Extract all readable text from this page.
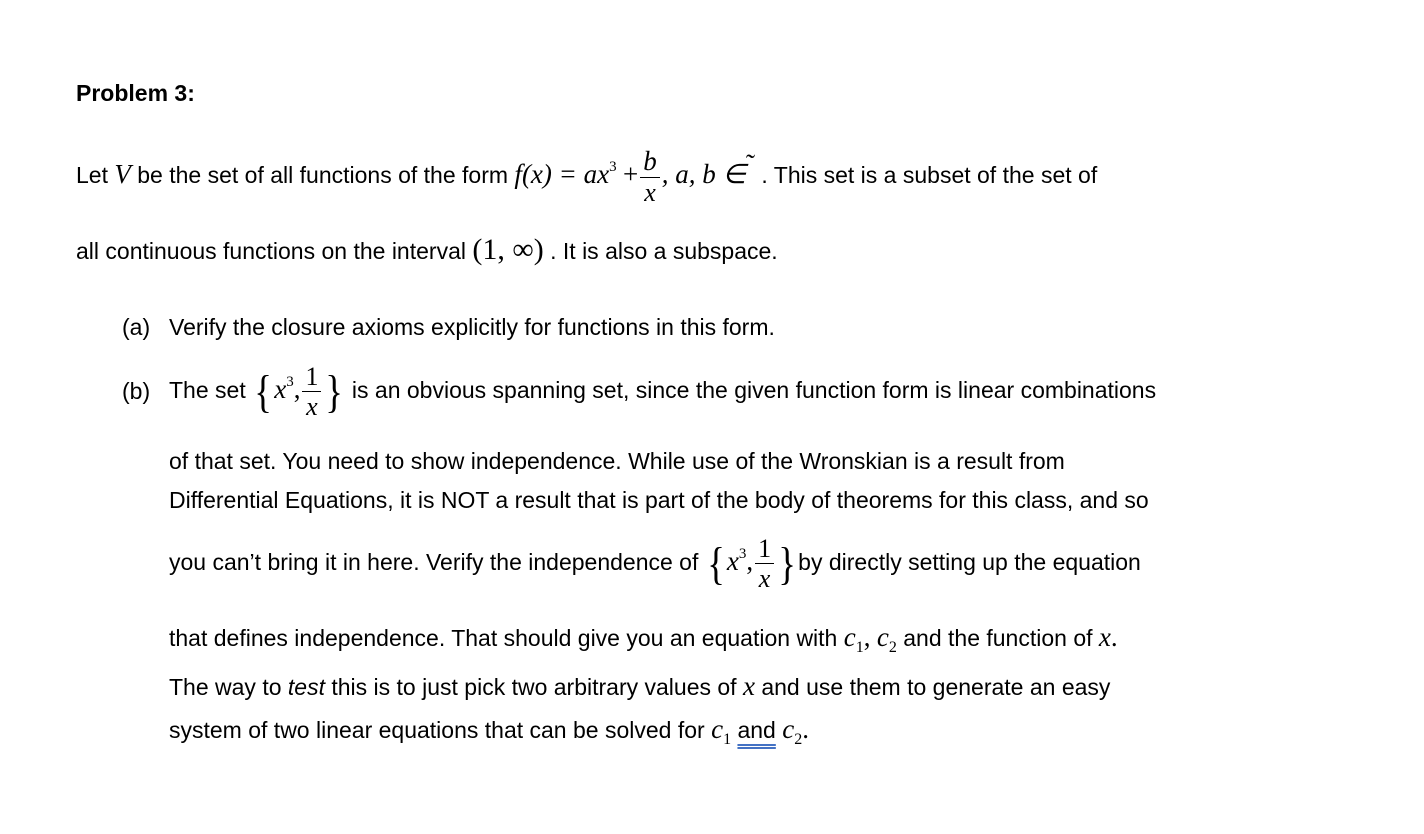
Problem 3:
Let V be the set of all functions of the form $f(x) = ax^3 + \frac{b}{x}$ , a, b ∈˜ . This set is a subset of the set of
all continuous functions on the interval (1, ∞) . It is also a subspace.
(a) Verify the closure axioms explicitly for functions in this form.
(b) The set {$x^3$, $\frac{1}{x}$ } is an obvious spanning set, since the given function form is linear combinations
of that set. You need to show independence. While use of the Wronskian is a result from
Differential Equations, it is NOT a result that is part of the body of theorems for this class, and so
you can’t bring it in here. Verify the independence of {$x^3$, $\frac{1}{x} \}by$ directly setting up the equation
that defines independence. That should give you an equation with $c_1$, $c_2$ and the function of x.
The way to test this is to just pick two arbitrary values of x and use them to generate an easy
system of two linear equations that can be solved for $c_1$ and $c_2$.
